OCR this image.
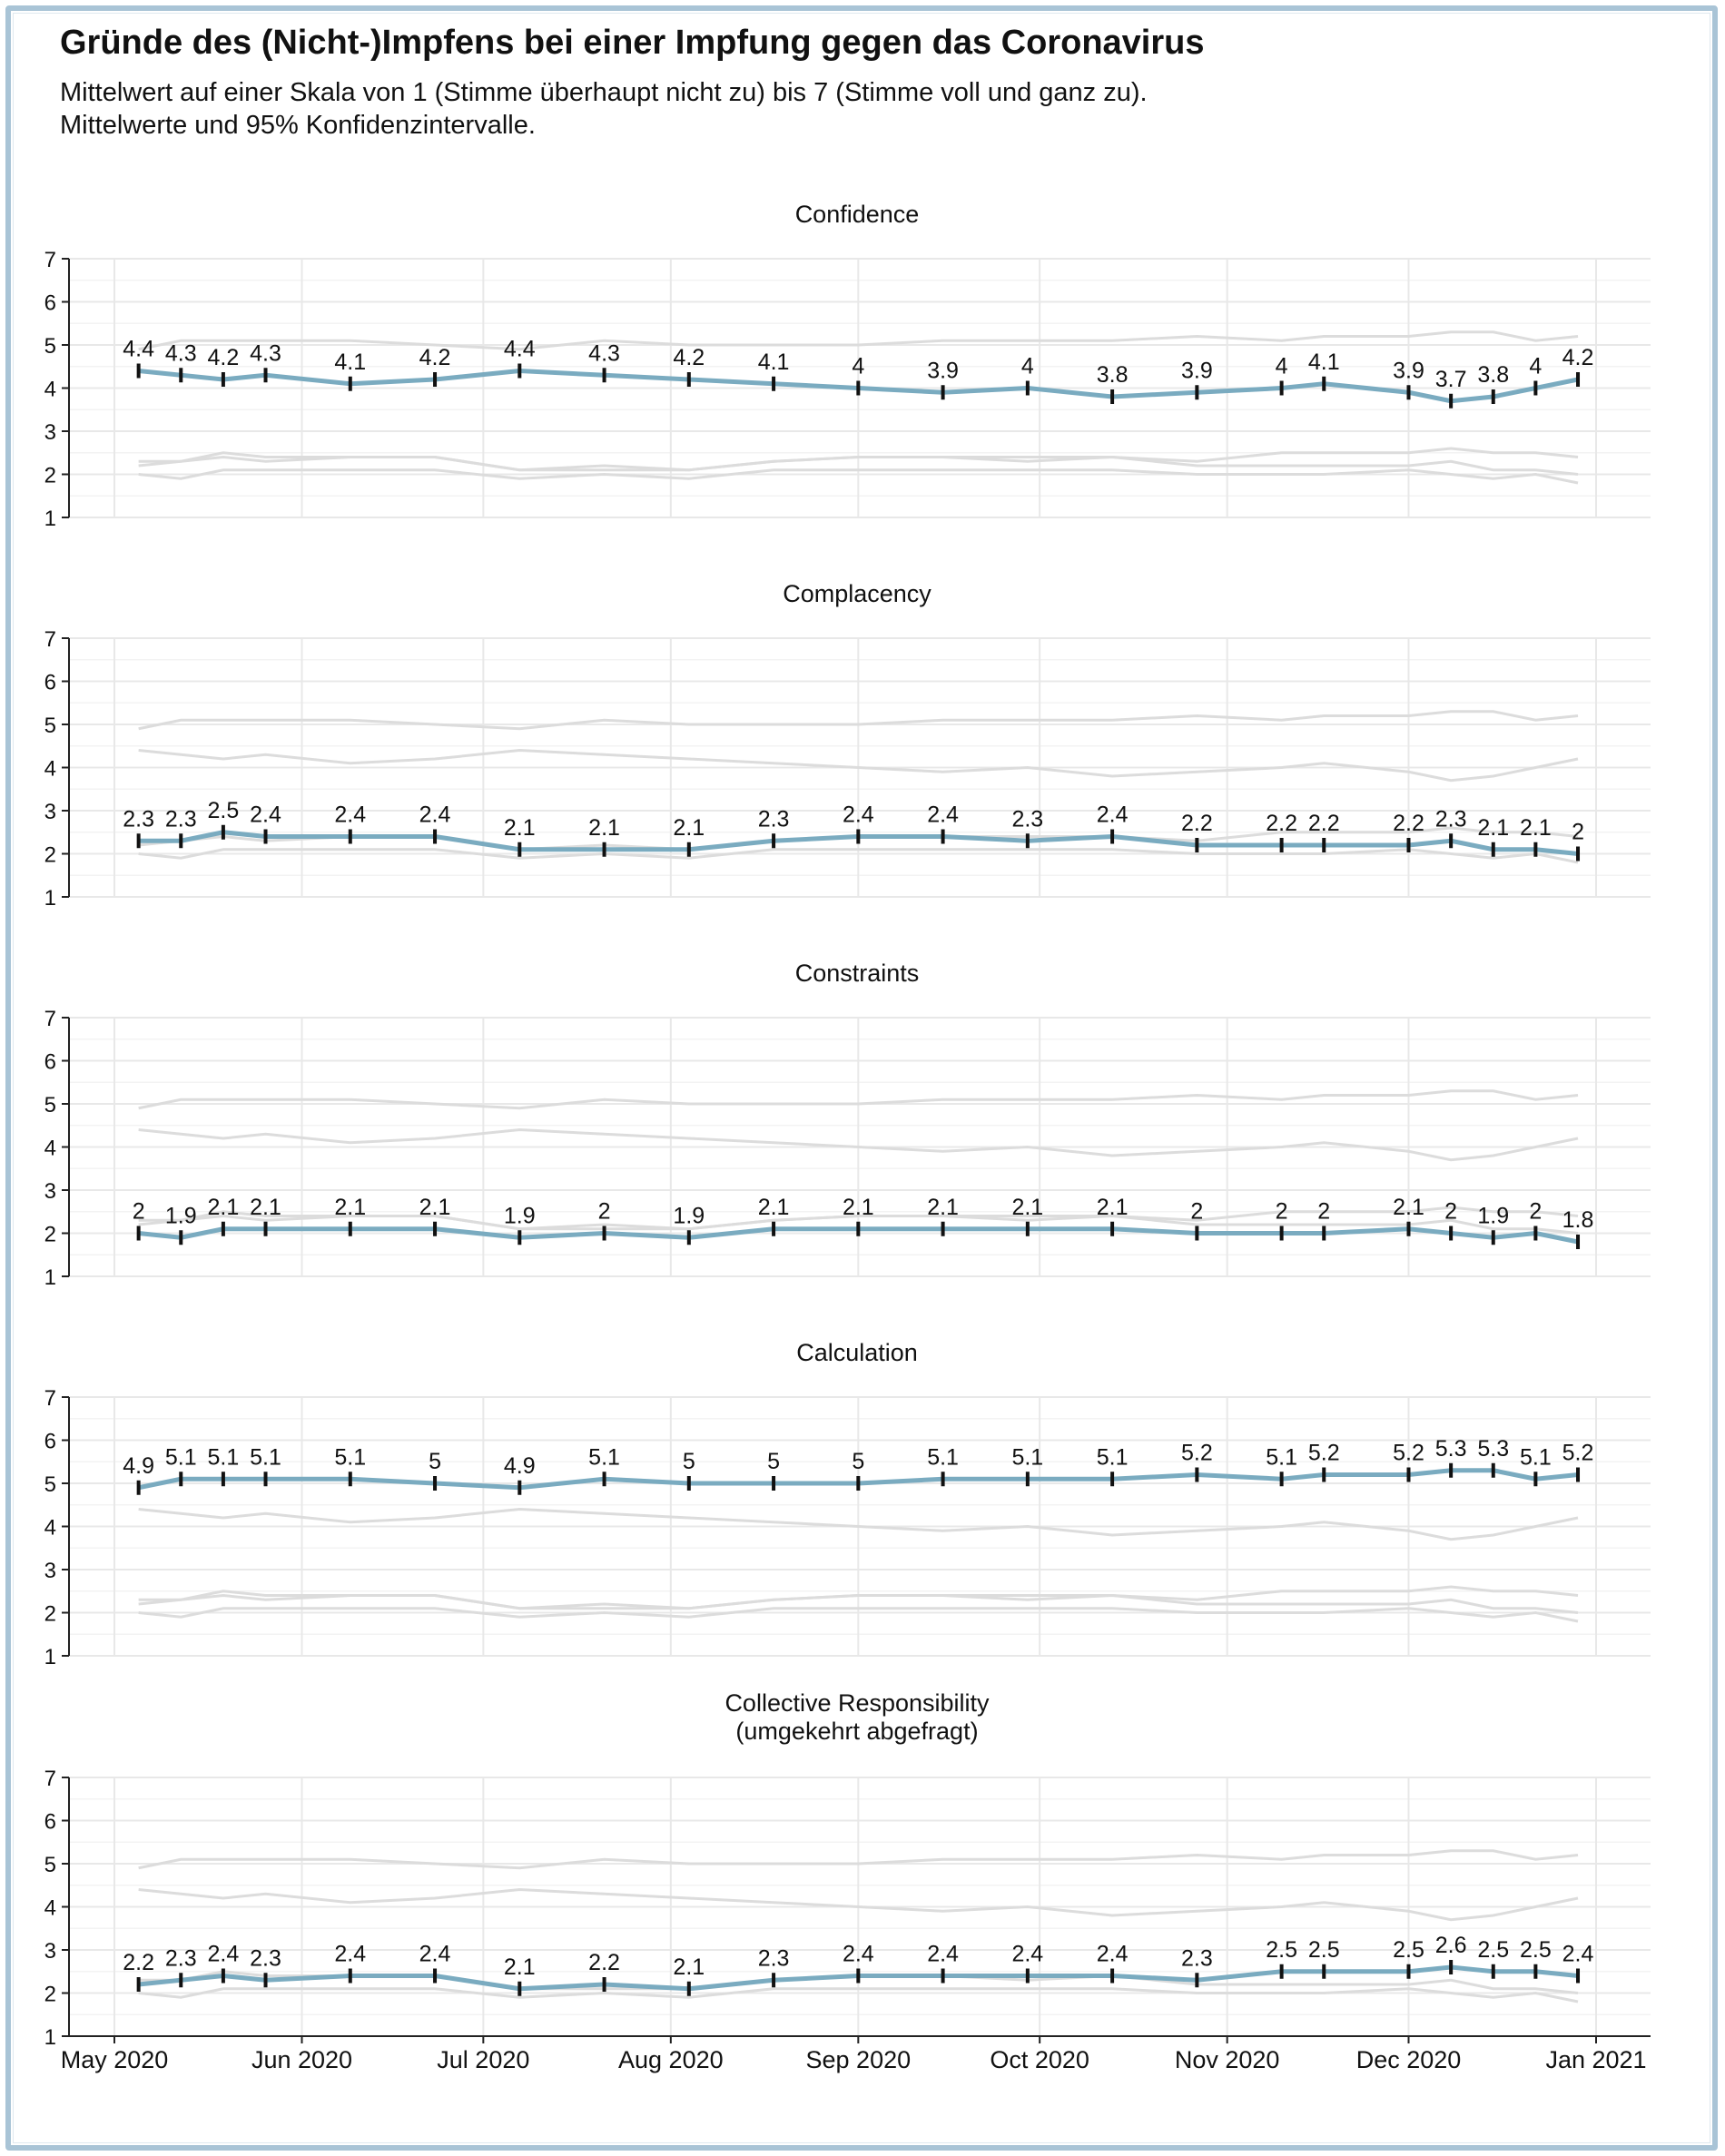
Gründe des (Nicht-)Impfens bei einer Impfung gegen das Coronavirus
Mittelwert auf einer Skala von 1 (Stimme überhaupt nicht zu) bis 7 (Stimme voll und ganz zu).
Mittelwerte und 95% Konfidenzintervalle.
Confidence
1
2
3
4
5
6
7
4.4 4.3 4.2 4.3 4.1 4.2 4.4 4.3 4.2 4.1	4	3.9	4	3.8 3.9	4 4.1 3.9 3.7 3.8 4 4.2
Complacency
1
2
3
4
5
6
7
2.3 2.3 2.5 2.4 2.4 2.4
2.1 2.1 2.1 2.3 2.4 2.4 2.3 2.4 2.2 2.2 2.2 2.2 2.3 2.1 2.1 2
Constraints
1
2
3
4
5
6
7
2 1.9 2.1 2.1 2.1 2.1 1.9	2	1.9 2.1 2.1 2.1 2.1 2.1	2	2 2	2.1 2 1.9 2 1.8
Calculation
1
2
3
4
5
6
7
4.9 5.1 5.1 5.1 5.1	5	4.9 5.1	5	5	5	5.1 5.1 5.1 5.2 5.1 5.2 5.2 5.3 5.3 5.1 5.2
Collective Responsibility
(umgekehrt abgefragt)
1
2
3
4
5
6
7
2.2 2.3 2.4 2.3 2.4 2.4
2.1 2.2 2.1 2.3 2.4 2.4 2.4 2.4 2.3 2.5 2.5 2.5 2.6 2.5 2.5 2.4
May 2020	Jun 2020	Jul 2020	Aug 2020	Sep 2020	Oct 2020	Nov 2020	Dec 2020	Jan 2021
